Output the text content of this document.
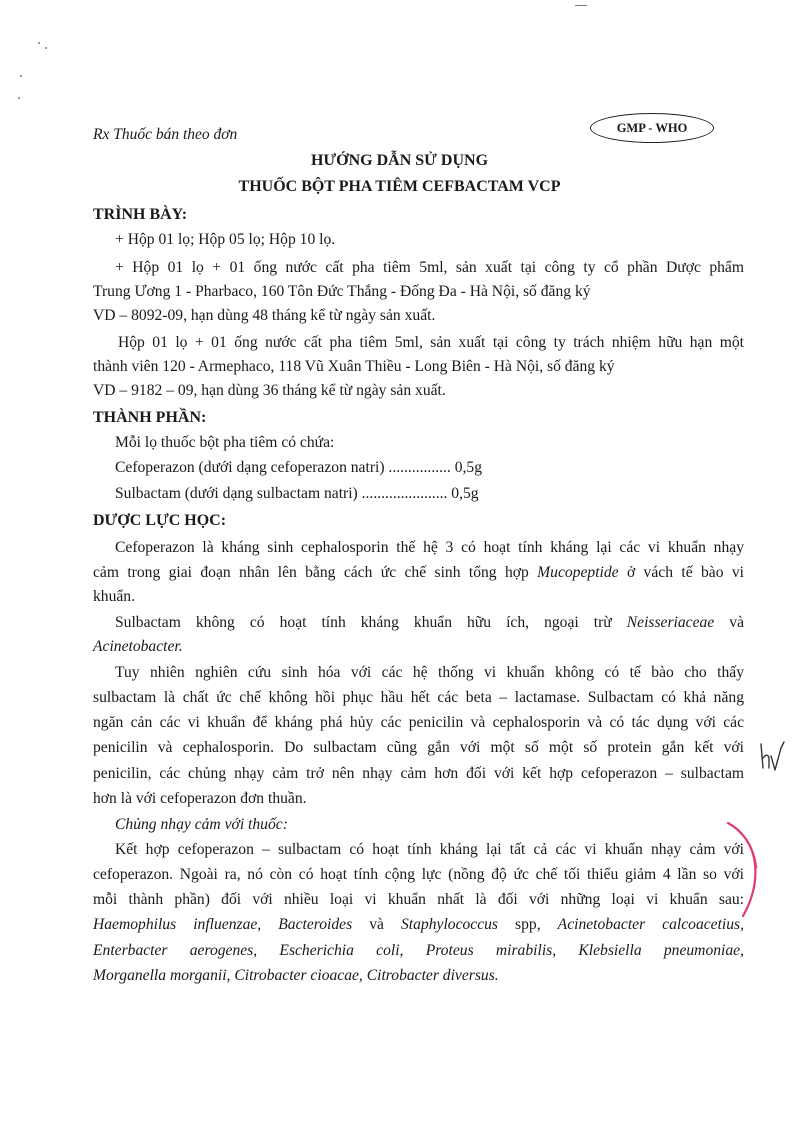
Rx Thuốc bán theo đơn	GMP - WHO
HƯỚNG DẪN SỬ DỤNG
THUỐC BỘT PHA TIÊM CEFBACTAM VCP
TRÌNH BÀY:
+ Hộp 01 lọ; Hộp 05 lọ; Hộp 10 lọ.
+ Hộp 01 lọ + 01 ống nước cất pha tiêm 5ml, sản xuất tại công ty cổ phần Dược phẩm
Trung Ương 1 - Pharbaco, 160 Tôn Đức Thắng - Đống Đa - Hà Nội, số đăng ký
VD – 8092-09, hạn dùng 48 tháng kể từ ngày sản xuất.
Hộp 01 lọ + 01 ống nước cất pha tiêm 5ml, sản xuất tại công ty trách nhiệm hữu hạn một
thành viên 120 - Armephaco, 118 Vũ Xuân Thiều - Long Biên - Hà Nội, số đăng ký
VD – 9182 – 09, hạn dùng 36 tháng kể từ ngày sản xuất.
THÀNH PHẦN:
Mỗi lọ thuốc bột pha tiêm có chứa:
Cefoperazon (dưới dạng cefoperazon natri) ................ 0,5g
Sulbactam (dưới dạng sulbactam natri) ...................... 0,5g
DƯỢC LỰC HỌC:
Cefoperazon là kháng sinh cephalosporin thế hệ 3 có hoạt tính kháng lại các vi khuẩn nhạy
cảm trong giai đoạn nhân lên bằng cách ức chế sinh tổng hợp Mucopeptide ở vách tế bào vi
khuẩn.
Sulbactam không có hoạt tính kháng khuẩn hữu ích, ngoại trừ Neisseriaceae và
Acinetobacter.
Tuy nhiên nghiên cứu sinh hóa với các hệ thống vi khuẩn không có tế bào cho thấy
sulbactam là chất ức chế không hồi phục hầu hết các beta – lactamase. Sulbactam có khả năng
ngăn cản các vi khuẩn để kháng phá hủy các penicilin và cephalosporin và có tác dụng với các
penicilin và cephalosporin. Do sulbactam cũng gắn với một số một số protein gắn kết với
penicilin, các chủng nhạy cảm trở nên nhạy cảm hơn đối với kết hợp cefoperazon – sulbactam
hơn là với cefoperazon đơn thuần.
Chủng nhạy cảm với thuốc:
Kết hợp cefoperazon – sulbactam có hoạt tính kháng lại tất cả các vi khuẩn nhạy cảm với
cefoperazon. Ngoài ra, nó còn có hoạt tính cộng lực (nồng độ ức chế tối thiểu giảm 4 lần so với
mỗi thành phần) đối với nhiều loại vi khuẩn nhất là đối với những loại vi khuẩn sau:
Haemophilus influenzae, Bacteroides và Staphylococcus spp, Acinetobacter calcoacetius,
Enterbacter aerogenes, Escherichia coli, Proteus mirabilis, Klebsiella pneumoniae,
Morganella morganii, Citrobacter cioacae, Citrobacter diversus.
